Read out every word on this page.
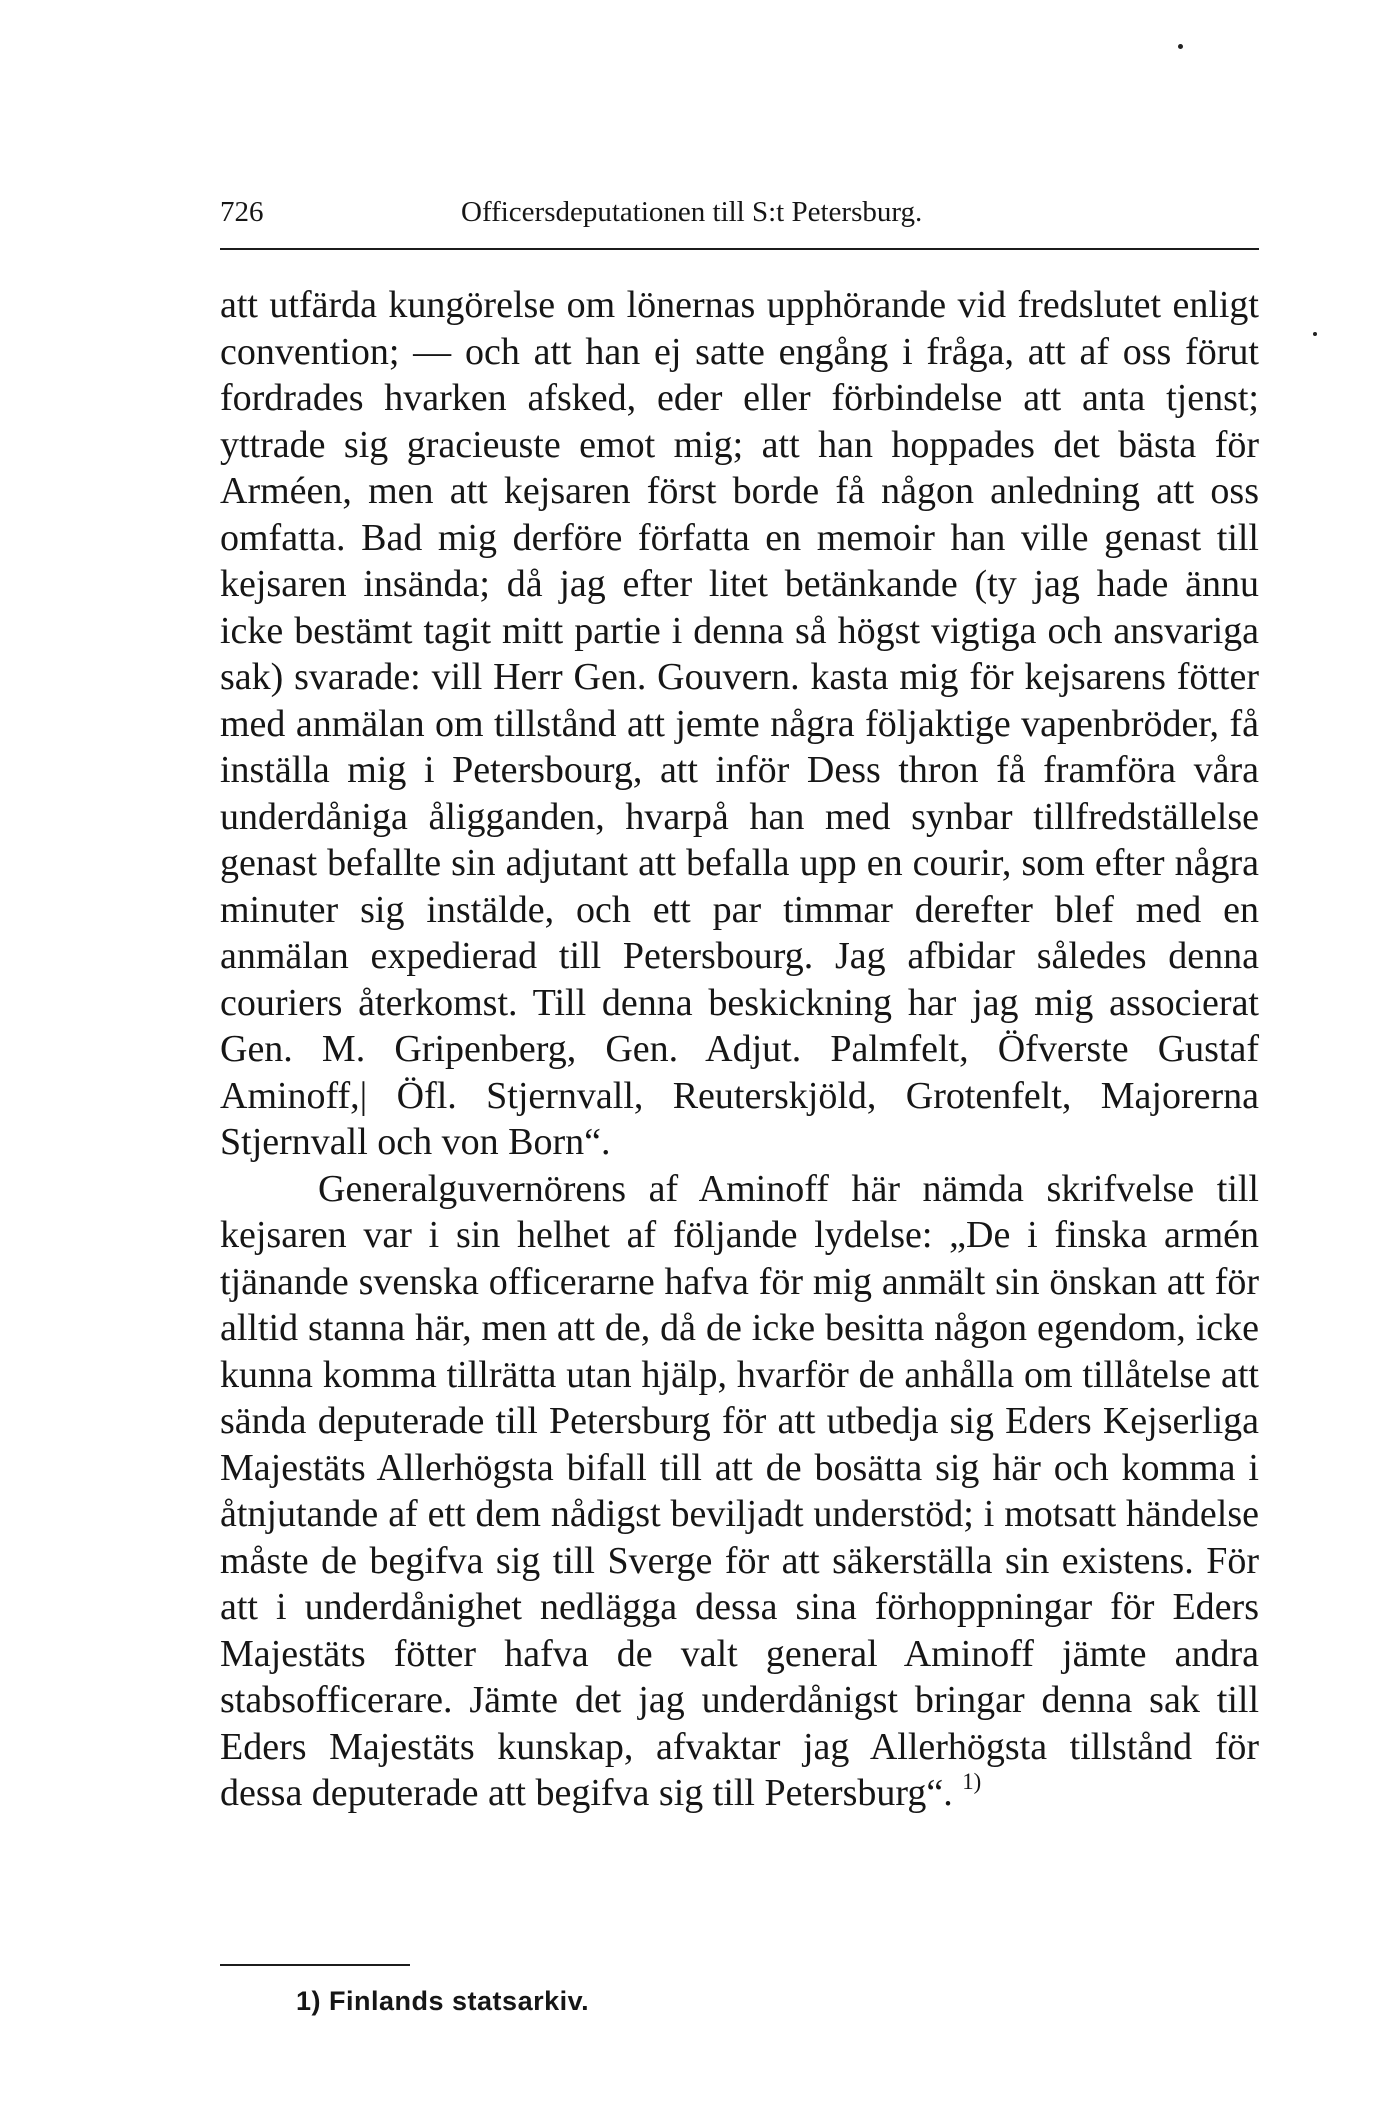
726	Officersdeputationen till S:t Petersburg.

att utfärda kungörelse om lönernas upphörande vid fredslutet enligt convention; — och att han ej satte engång i fråga, att af oss förut fordrades hvarken afsked, eder eller förbindelse att anta tjenst; yttrade sig gracieuste emot mig; att han hoppades det bästa för Arméen, men att kejsaren först borde få någon anledning att oss omfatta. Bad mig derföre författa en memoir han ville genast till kejsaren insända; då jag efter litet betänkande (ty jag hade ännu icke bestämt tagit mitt partie i denna så högst vigtiga och ansvariga sak) svarade: vill Herr Gen. Gouvern. kasta mig för kejsarens fötter med anmälan om tillstånd att jemte några följaktige vapenbröder, få inställa mig i Petersbourg, att inför Dess thron få framföra våra underdåniga åligganden, hvarpå han med synbar tillfredställelse genast befallte sin adjutant att befalla upp en courir, som efter några minuter sig instälde, och ett par timmar derefter blef med en anmälan expedierad till Petersbourg. Jag afbidar således denna couriers återkomst. Till denna beskickning har jag mig associerat Gen. M. Gripenberg, Gen. Adjut. Palmfelt, Öfverste Gustaf Aminoff,| Öfl. Stjernvall, Reuterskjöld, Grotenfelt, Majorerna Stjernvall och von Born“.

Generalguvernörens af Aminoff här nämda skrifvelse till kejsaren var i sin helhet af följande lydelse: „De i finska armén tjänande svenska officerarne hafva för mig anmält sin önskan att för alltid stanna här, men att de, då de icke besitta någon egendom, icke kunna komma tillrätta utan hjälp, hvarför de anhålla om tillåtelse att sända deputerade till Petersburg för att utbedja sig Eders Kejserliga Majestäts Allerhögsta bifall till att de bosätta sig här och komma i åtnjutande af ett dem nådigst beviljadt understöd; i motsatt händelse måste de begifva sig till Sverge för att säkerställa sin existens. För att i underdånighet nedlägga dessa sina förhoppningar för Eders Majestäts fötter hafva de valt general Aminoff jämte andra stabsofficerare. Jämte det jag underdånigst bringar denna sak till Eders Majestäts kunskap, afvaktar jag Allerhögsta tillstånd för dessa deputerade att begifva sig till Petersburg“. $^{1)}$

1) Finlands statsarkiv.
